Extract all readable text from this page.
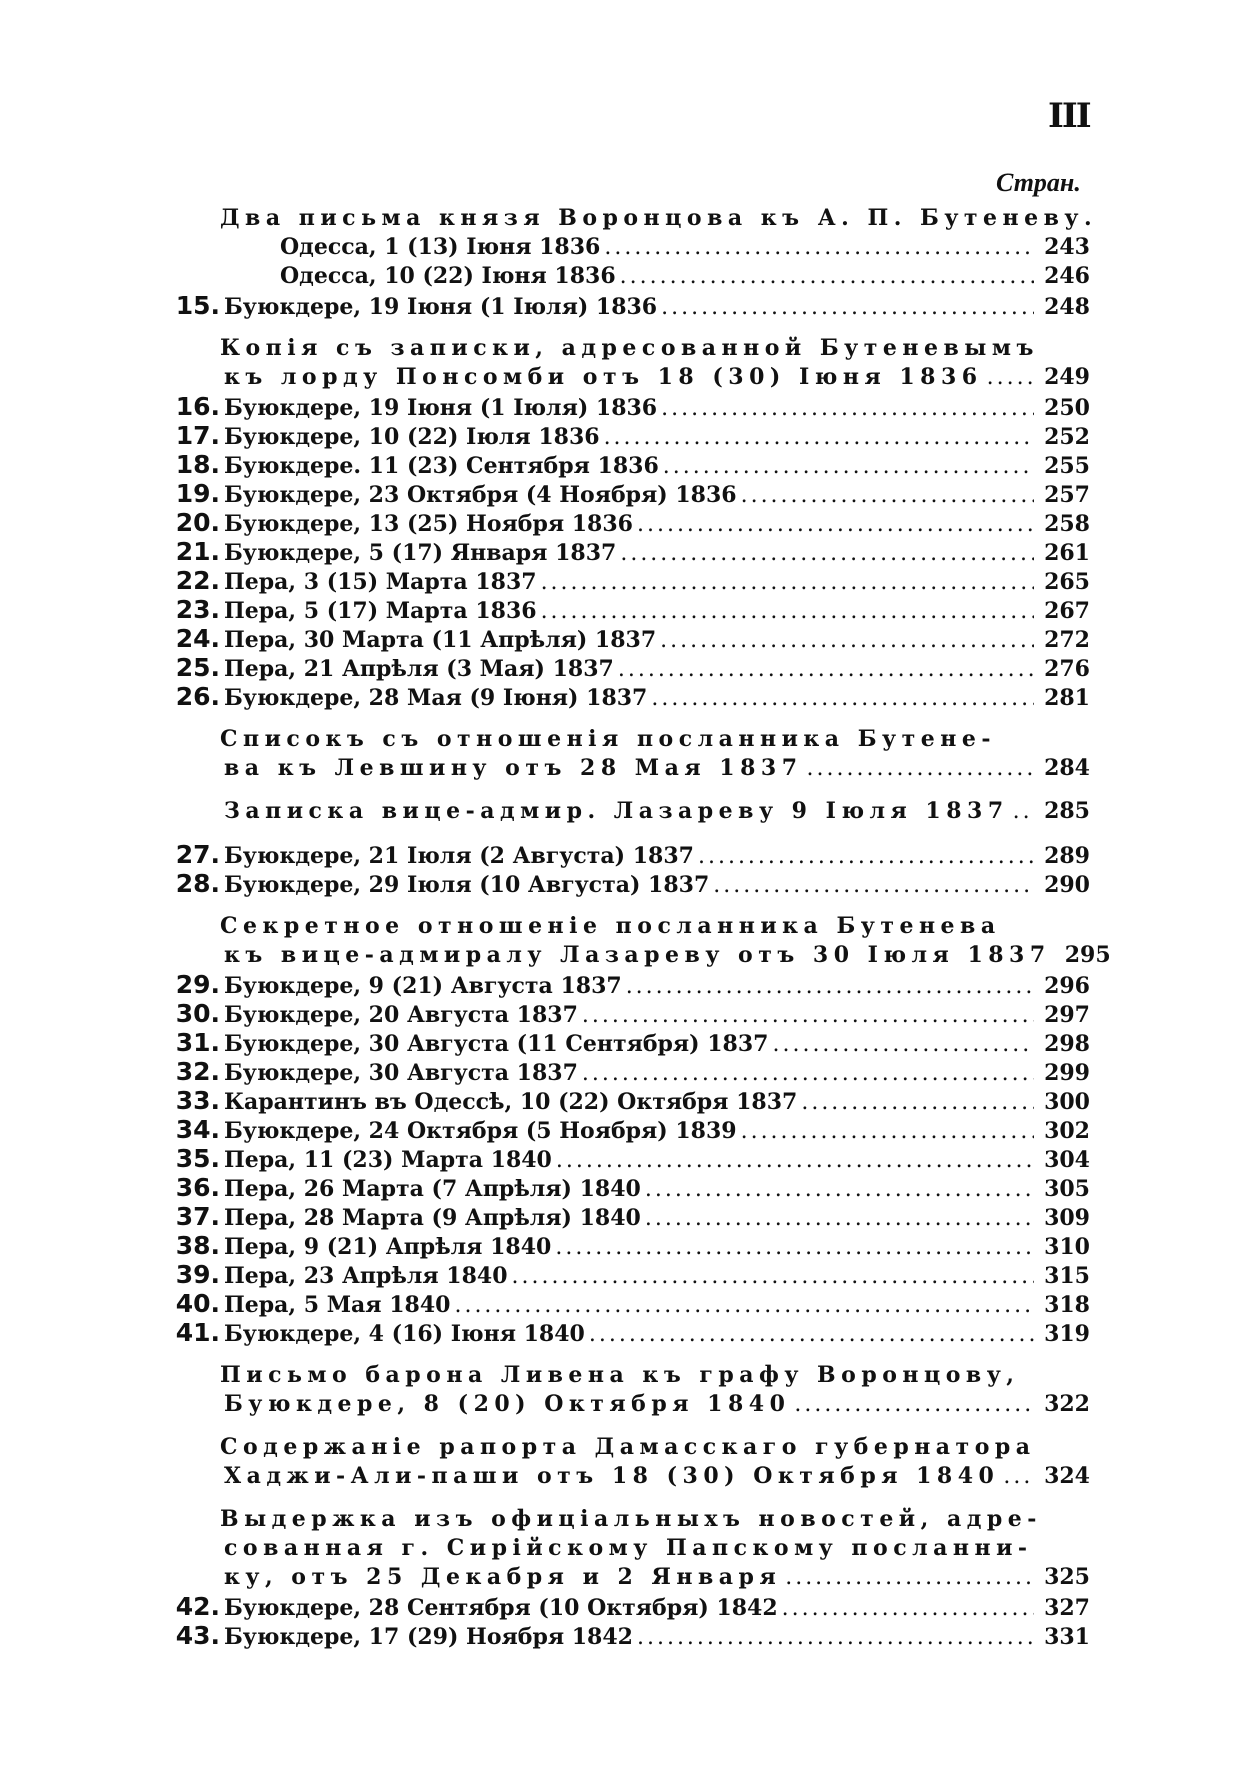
III
Стран.
Два письма князя Воронцова къ А. П. Бутеневу.
Одесса, 1 (13) Іюня 1836 .....	243
Одесса, 10 (22) Іюня 1836 .....	246
15. Буюкдере, 19 Іюня (1 Іюля) 1836 .....	248
Копія съ записки, адресованной Бутеневымъ
къ лорду Понсомби отъ 18 (30) Іюня 1836 .....	249
16. Буюкдере, 19 Іюня (1 Іюля) 1836 .....	250
17. Буюкдере, 10 (22) Іюля 1836 .....	252
18. Буюкдере. 11 (23) Сентября 1836 .....	255
19. Буюкдере, 23 Октября (4 Ноября) 1836 .....	257
20. Буюкдере, 13 (25) Ноября 1836 .....	258
21. Буюкдере, 5 (17) Января 1837 .....	261
22. Пера, 3 (15) Марта 1837 .....	265
23. Пера, 5 (17) Марта 1836 .....	267
24. Пера, 30 Марта (11 Апрѣля) 1837 .....	272
25. Пера, 21 Апрѣля (3 Мая) 1837 .....	276
26. Буюкдере, 28 Мая (9 Іюня) 1837 .....	281
Списокъ съ отношенія посланника Бутене-
ва къ Левшину отъ 28 Мая 1837 .....	284
Записка вице-адмир. Лазареву 9 Іюля 1837 ..... 285
27. Буюкдере, 21 Іюля (2 Августа) 1837 .....	289
28. Буюкдере, 29 Іюля (10 Августа) 1837 .....	290
Секретное отношеніе посланника Бутенева
къ вице-адмиралу Лазареву отъ 30 Іюля 1837 295
29. Буюкдере, 9 (21) Августа 1837 .....	296
30. Буюкдере, 20 Августа 1837 .....	297
31. Буюкдере, 30 Августа (11 Сентября) 1837 .....	298
32. Буюкдере, 30 Августа 1837 .....	299
33. Карантинъ въ Одессѣ, 10 (22) Октября 1837 .....	300
34. Буюкдере, 24 Октября (5 Ноября) 1839 .....	302
35. Пера, 11 (23) Марта 1840 .....	304
36. Пера, 26 Марта (7 Апрѣля) 1840 .....	305
37. Пера, 28 Марта (9 Апрѣля) 1840 .....	309
38. Пера, 9 (21) Апрѣля 1840 .....	310
39. Пера, 23 Апрѣля 1840 .....	315
40. Пера, 5 Мая 1840 .....	318
41. Буюкдере, 4 (16) Іюня 1840 .....	319
Письмо барона Ливена къ графу Воронцову,
Буюкдере, 8 (20) Октября 1840 .....	322
Содержаніе рапорта Дамасскаго губернатора
Хаджи-Али-паши отъ 18 (30) Октября 1840 ..... 324
Выдержка изъ офиціальныхъ новостей, адре-
сованная г. Сирійскому Папскому посланни-
ку, отъ 25 Декабря и 2 Января .....	325
42. Буюкдере, 28 Сентября (10 Октября) 1842 .....	327
43. Буюкдере, 17 (29) Ноября 1842 .....	331
